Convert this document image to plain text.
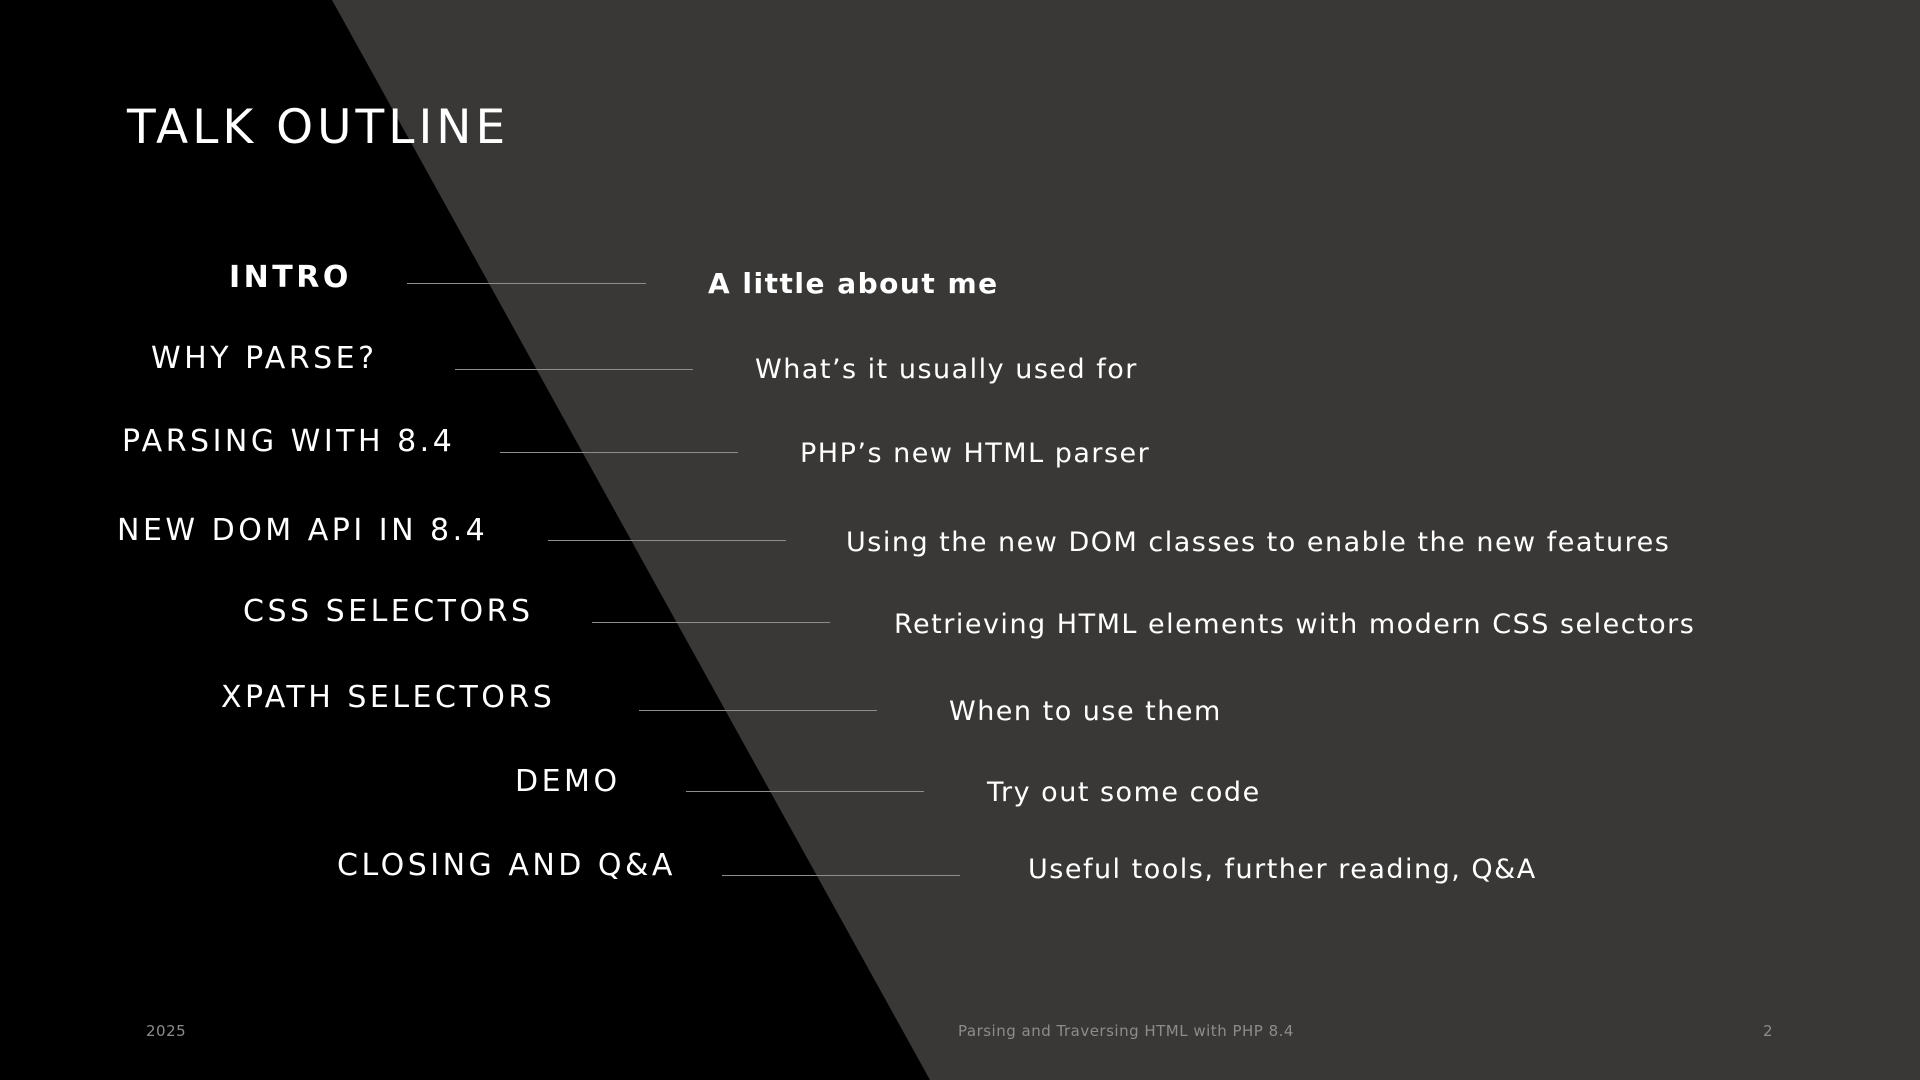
TALK OUTLINE
INTRO	A little about me
WHY PARSE?	What’s it usually used for
PARSING WITH 8.4	PHP’s new HTML parser
NEW DOM API IN 8.4	Using the new DOM classes to enable the new features
CSS SELECTORS	Retrieving HTML elements with modern CSS selectors
XPATH SELECTORS	When to use them
DEMO	Try out some code
CLOSING AND Q&A	Useful tools, further reading, Q&A
2025	Parsing and Traversing HTML with PHP 8.4	2
